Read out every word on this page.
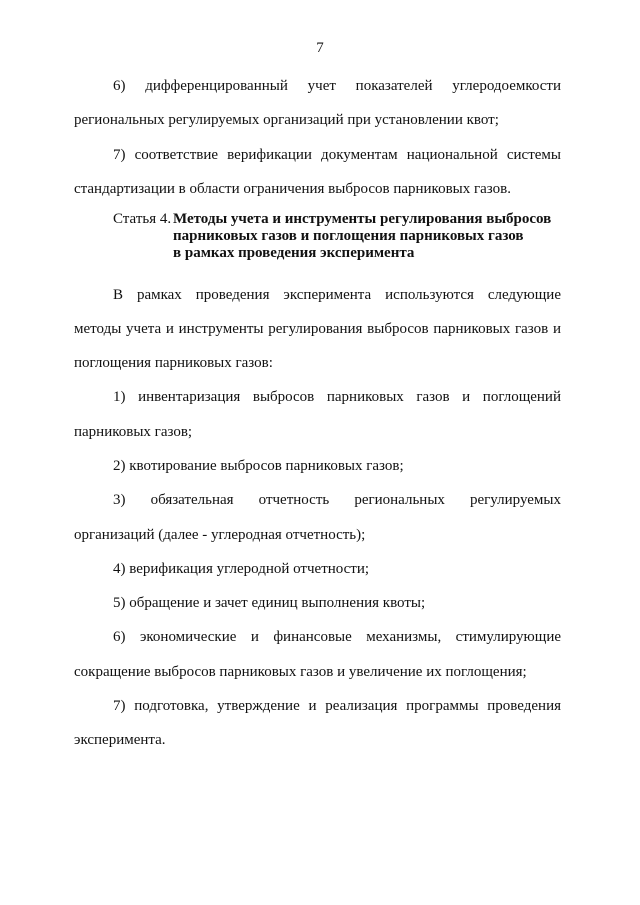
7
6) дифференцированный учет показателей углеродоемкости
региональных регулируемых организаций при установлении квот;
7) соответствие верификации документам национальной системы
стандартизации в области ограничения выбросов парниковых газов.
Статья 4. Методы учета и инструменты регулирования выбросов
парниковых газов и поглощения парниковых газов
в рамках проведения эксперимента
В рамках проведения эксперимента используются следующие
методы учета и инструменты регулирования выбросов парниковых газов и
поглощения парниковых газов:
1) инвентаризация выбросов парниковых газов и поглощений
парниковых газов;
2) квотирование выбросов парниковых газов;
3) обязательная отчетность региональных регулируемых
организаций (далее - углеродная отчетность);
4) верификация углеродной отчетности;
5) обращение и зачет единиц выполнения квоты;
6) экономические и финансовые механизмы, стимулирующие
сокращение выбросов парниковых газов и увеличение их поглощения;
7) подготовка, утверждение и реализация программы проведения
эксперимента.
